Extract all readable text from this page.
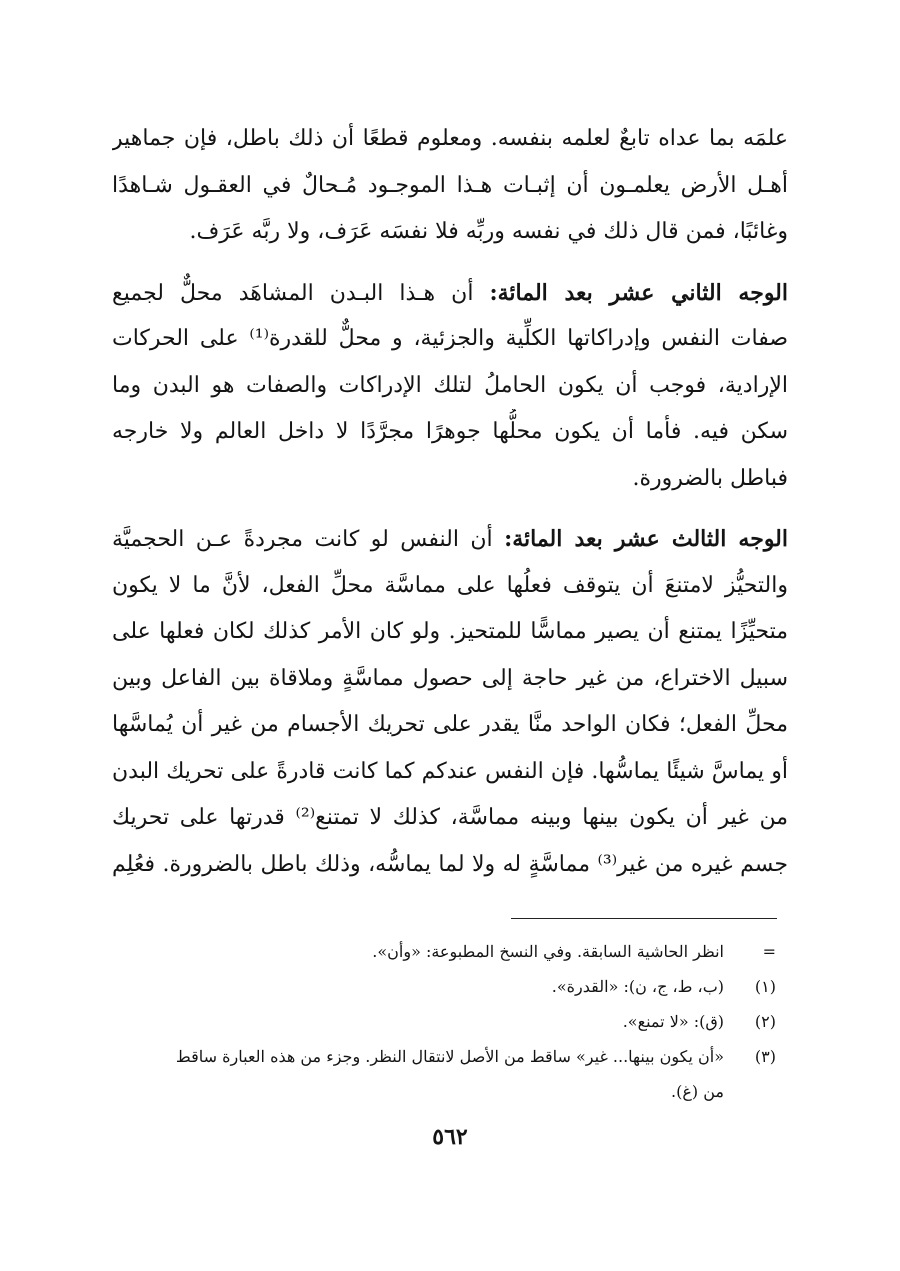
علمَه بما عداه تابعٌ لعلمه بنفسه. ومعلوم قطعًا أن ذلك باطل، فإن جماهير
أهـل الأرض يعلمـون أن إثبـات هـذا الموجـود مُـحالٌ في العقـول شـاهدًا
وغائبًا، فمن قال ذلك في نفسه وربِّه فلا نفسَه عَرَف، ولا ربَّه عَرَف.
الوجه الثاني عشر بعد المائة: أن هـذا البـدن المشاهَد محلٌّ لجميع
صفات النفس وإدراكاتها الكلِّية والجزئية، و محلٌّ للقدرة⁽¹⁾ على الحركات
الإرادية، فوجب أن يكون الحاملُ لتلك الإدراكات والصفات هو البدن وما
سكن فيه. فأما أن يكون محلُّها جوهرًا مجرَّدًا لا داخل العالم ولا خارجه
فباطل بالضرورة.
الوجه الثالث عشر بعد المائة: أن النفس لو كانت مجردةً عـن الحجميَّة
والتحيُّز لامتنعَ أن يتوقف فعلُها على مماسَّة محلِّ الفعل، لأنَّ ما لا يكون
متحيِّزًا يمتنع أن يصير مماسًّا للمتحيز. ولو كان الأمر كذلك لكان فعلها على
سبيل الاختراع، من غير حاجة إلى حصول مماسَّةٍ وملاقاة بين الفاعل وبين
محلِّ الفعل؛ فكان الواحد منَّا يقدر على تحريك الأجسام من غير أن يُماسَّها
أو يماسَّ شيئًا يماسُّها. فإن النفس عندكم كما كانت قادرةً على تحريك البدن
من غير أن يكون بينها وبينه مماسَّة، كذلك لا تمتنع⁽²⁾ قدرتها على تحريك
جسم غيره من غير⁽³⁾ مماسَّةٍ له ولا لما يماسُّه، وذلك باطل بالضرورة. فعُلِم
=
انظر الحاشية السابقة. وفي النسخ المطبوعة: «وأن».
(١)
(ب، ط، ج، ن): «القدرة».
(٢)
(ق): «لا تمنع».
(٣)
«أن يكون بينها... غير» ساقط من الأصل لانتقال النظر. وجزء من هذه العبارة ساقط
من (غ).
٥٦٢
